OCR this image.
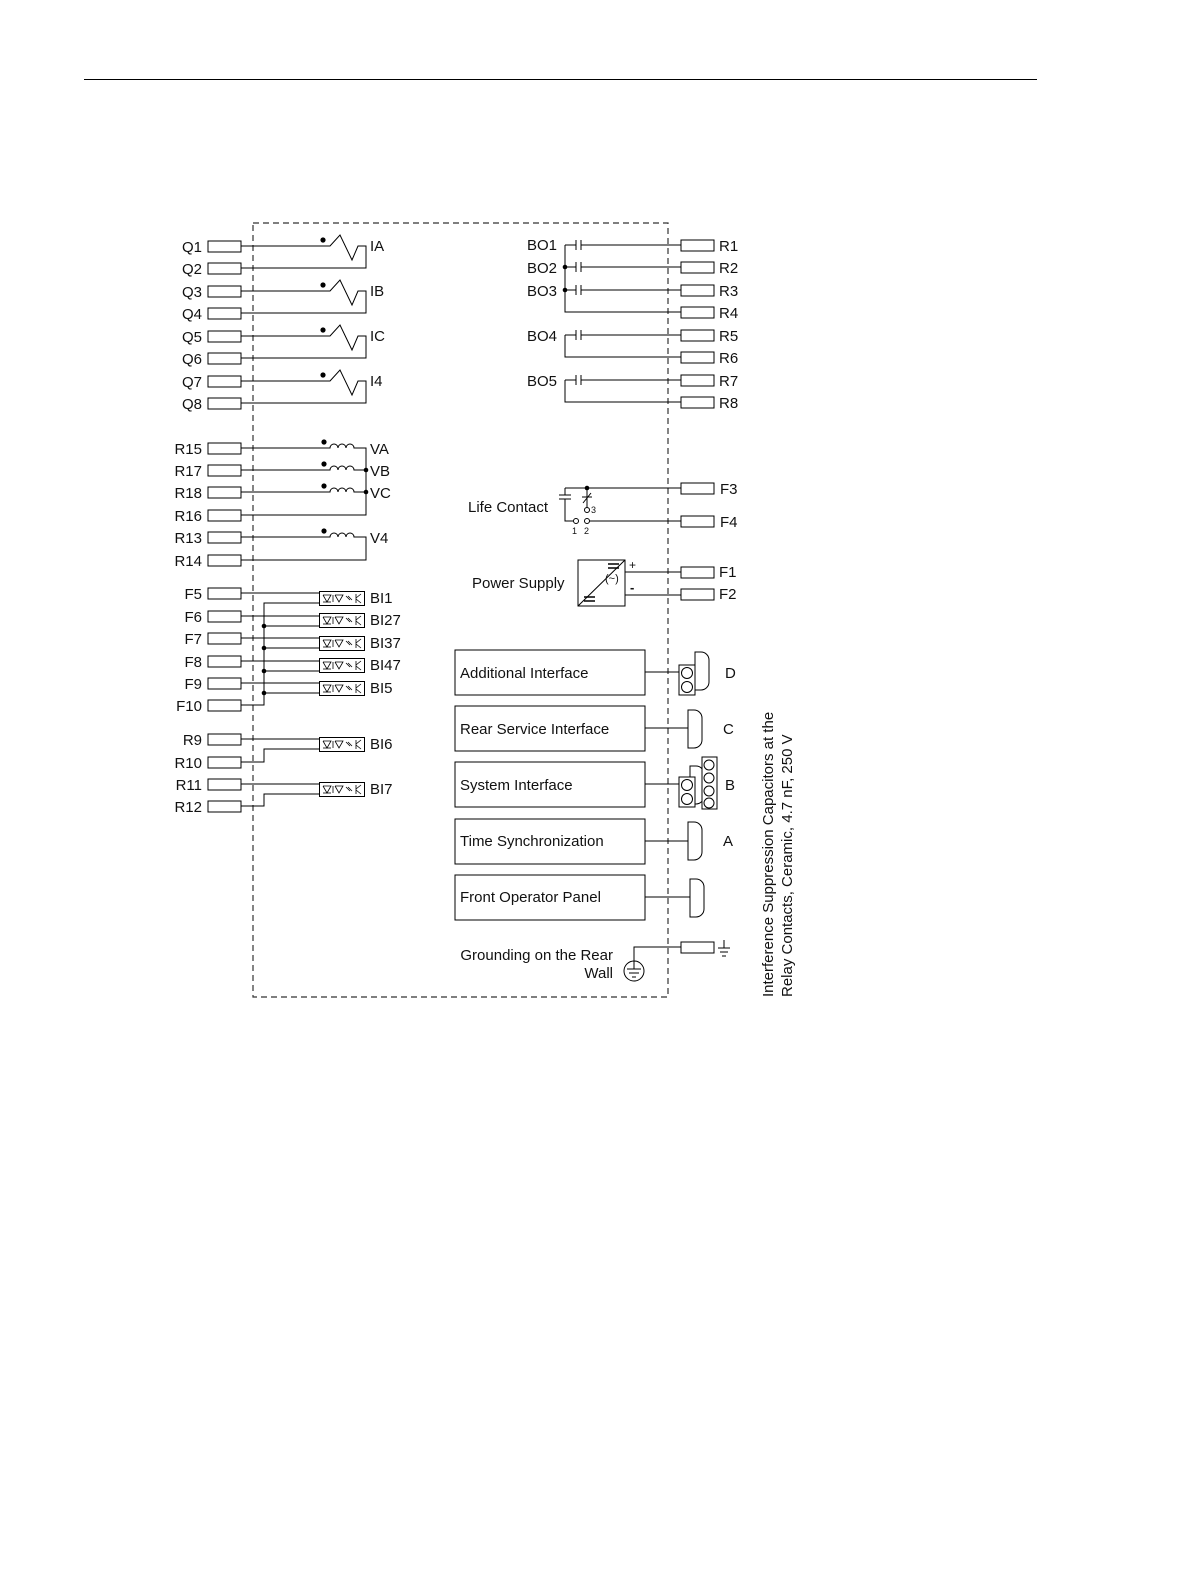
Q1
Q2
IA
Q3
Q4
IB
Q5
Q6
IC
Q7
Q8
I4
R15
R17
R18
R16
R13
R14
VA
VB
VC
V4
F5
F6
F7
F8
F9
F10
BI1
BI27
BI37
BI47
BI5
R9
R10
BI6
R11
R12
BI7
R1
R2
R3
R4
R5
R6
R7
R8
BO1
BO2
BO3
BO4
BO5
Life Contact
F3
F4
1 2
3
Power Supply	(~)
+
-
F1
F2
Additional Interface	D
Rear Service Interface	C
System Interface	B
Time Synchronization	A
Front Operator Panel
Grounding on the Rear
Wall	Interference Suppression Capacitors at the Relay Contacts, Ceramic, 4.7 nF, 250 V
